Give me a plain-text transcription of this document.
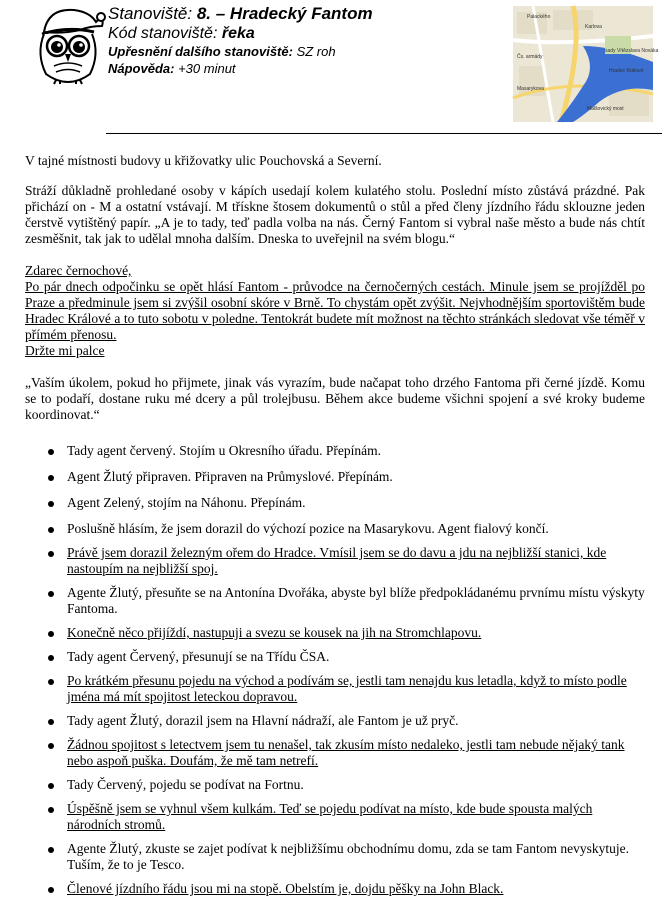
Stanoviště: 8. – Hradecký Fantom
Kód stanoviště: řeka
Upřesnění dalšího stanoviště: SZ roh
Nápověda: +30 minut
Palackého
Karlova
Čs. armády
sady Vítězslava Nováka
Masarykova
Malšovický most
Hradec Králové

V tajné místnosti budovy u křižovatky ulic Pouchovská a Severní.

Stráží důkladně prohledané osoby v kápích usedají kolem kulatého stolu. Poslední místo zůstává prázdné. Pak přichází on - M a ostatní vstávají. M třískne štosem dokumentů o stůl a před členy jízdního řádu sklouzne jeden čerstvě vytištěný papír. „A je to tady, teď padla volba na nás. Černý Fantom si vybral naše město a bude nás chtít zesměšnit, tak jak to udělal mnoha dalším. Dneska to uveřejnil na svém blogu.“

Zdarec černochové,
Po pár dnech odpočinku se opět hlásí Fantom - průvodce na černočerných cestách. Minule jsem se projížděl po Praze a předminule jsem si zvýšil osobní skóre v Brně. To chystám opět zvýšit. Nejvhodnějším sportovištěm bude Hradec Králové a to tuto sobotu v poledne. Tentokrát budete mít možnost na těchto stránkách sledovat vše téměř v přímém přenosu.
Držte mi palce

„Vaším úkolem, pokud ho přijmete, jinak vás vyrazím, bude načapat toho drzého Fantoma při černé jízdě. Komu se to podaří, dostane ruku mé dcery a půl trolejbusu. Během akce budeme všichni spojení a své kroky budeme koordinovat.“

Tady agent červený. Stojím u Okresního úřadu. Přepínám.
Agent Žlutý připraven. Připraven na Průmyslové. Přepínám.
Agent Zelený, stojím na Náhonu. Přepínám.
Poslušně hlásím, že jsem dorazil do výchozí pozice na Masarykovu. Agent fialový končí.
Právě jsem dorazil železným ořem do Hradce. Vmísil jsem se do davu a jdu na nejbližší stanici, kde nastoupím na nejbližší spoj.
Agente Žlutý, přesuňte se na Antonína Dvořáka, abyste byl blíže předpokládanému prvnímu místu výskyty Fantoma.
Konečně něco přijíždí, nastupuji a svezu se kousek na jih na Stromchlapovu.
Tady agent Červený, přesunují se na Třídu ČSA.
Po krátkém přesunu pojedu na východ a podívám se, jestli tam nenajdu kus letadla, když to místo podle jména má mít spojitost leteckou dopravou.
Tady agent Žlutý, dorazil jsem na Hlavní nádraží, ale Fantom je už pryč.
Žádnou spojitost s letectvem jsem tu nenašel, tak zkusím místo nedaleko, jestli tam nebude nějaký tank nebo aspoň puška. Doufám, že mě tam netrefí.
Tady Červený, pojedu se podívat na Fortnu.
Úspěšně jsem se vyhnul všem kulkám. Teď se pojedu podívat na místo, kde bude spousta malých národních stromů.
Agente Žlutý, zkuste se zajet podívat k nejbližšímu obchodnímu domu, zda se tam Fantom nevyskytuje. Tuším, že to je Tesco.
Členové jízdního řádu jsou mi na stopě. Obelstím je, dojdu pěšky na John Black.
